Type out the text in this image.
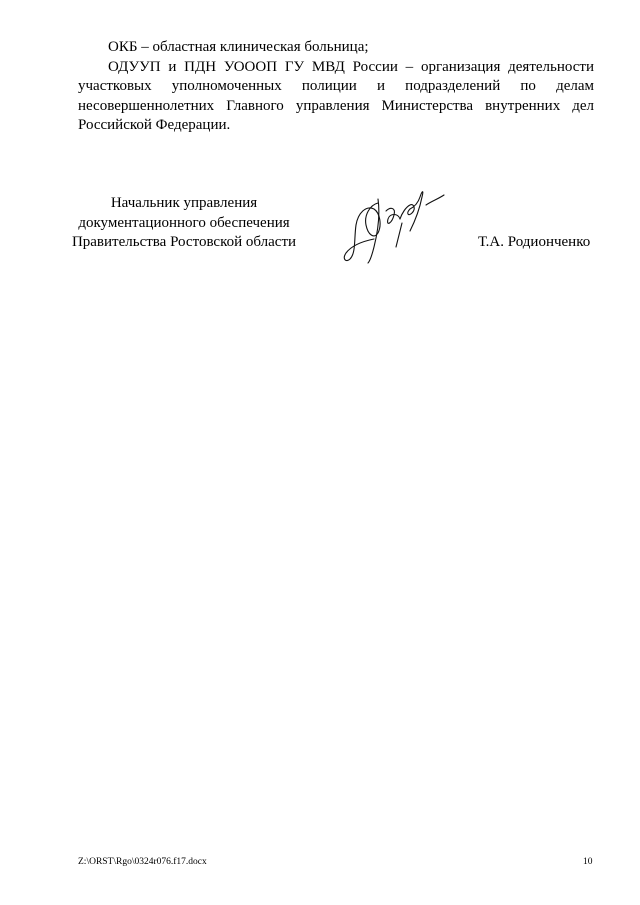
ОКБ – областная клиническая больница;

ОДУУП и ПДН УОООП ГУ МВД России – организация деятельности участковых уполномоченных полиции и подразделений по делам несовершеннолетних Главного управления Министерства внутренних дел Российской Федерации.

Начальник управления
документационного обеспечения
Правительства Ростовской области	Т.А. Родионченко
Z:\ORST\Rgo\0324r076.f17.docx	10
